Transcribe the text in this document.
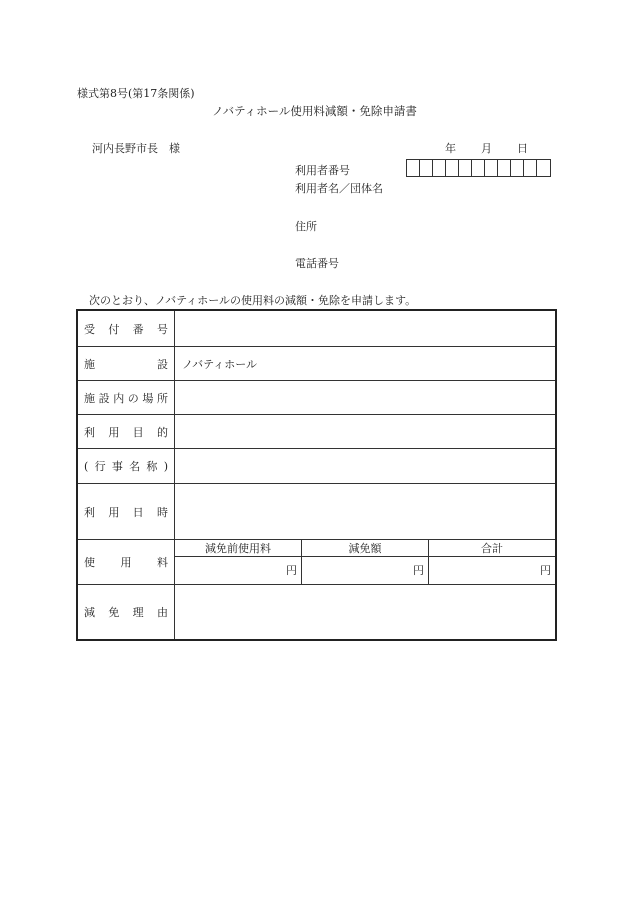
様式第8号(第17条関係)
ノバティホール使用料減額・免除申請書
河内長野市長　様	年 月 日
利用者番号
利用者名／団体名
住所
電話番号
次のとおり、ノバティホールの使用料の減額・免除を申請します。
受付番号
施設 ノバティホール
施設内の場所
利用目的
(行事名称)
利用日時
使用料
減免前使用料	減免額	合計
円	円	円
減免理由
